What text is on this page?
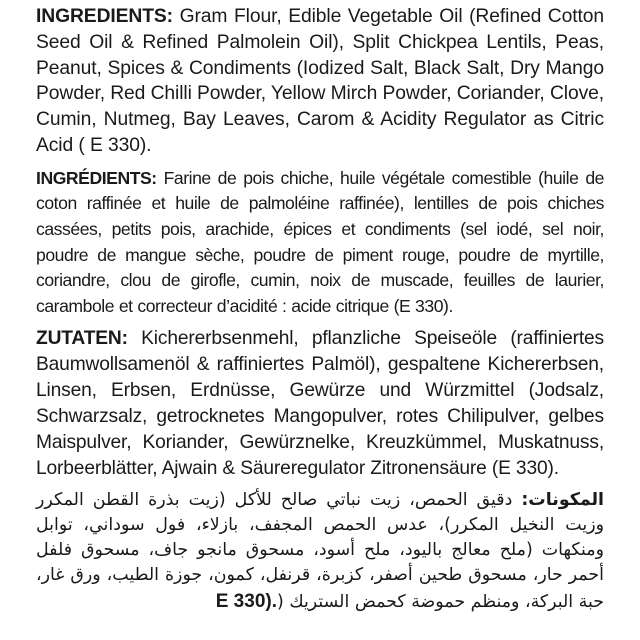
INGREDIENTS: Gram Flour, Edible Vegetable Oil (Refined Cotton Seed Oil & Refined Palmolein Oil), Split Chickpea Lentils, Peas, Peanut, Spices & Condiments (Iodized Salt, Black Salt, Dry Mango Powder, Red Chilli Powder, Yellow Mirch Powder, Coriander, Clove, Cumin, Nutmeg, Bay Leaves, Carom & Acidity Regulator as Citric Acid ( E 330).

INGRÉDIENTS: Farine de pois chiche, huile végétale comestible (huile de coton raffinée et huile de palmoléine raffinée), lentilles de pois chiches cassées, petits pois, arachide, épices et condiments (sel iodé, sel noir, poudre de mangue sèche, poudre de piment rouge, poudre de myrtille, coriandre, clou de girofle, cumin, noix de muscade, feuilles de laurier, carambole et correcteur d’acidité : acide citrique (E 330).

ZUTATEN: Kichererbsenmehl, pflanzliche Speiseöle (raffiniertes Baumwollsamenöl & raffiniertes Palmöl), gespaltene Kichererbsen, Linsen, Erbsen, Erdnüsse, Gewürze und Würzmittel (Jodsalz, Schwarzsalz, getrocknetes Mangopulver, rotes Chilipulver, gelbes Maispulver, Koriander, Gewürznelke, Kreuzkümmel, Muskatnuss, Lorbeerblätter, Ajwain & Säureregulator Zitronensäure (E 330).

المكونات: دقيق الحمص، زيت نباتي صالح للأكل (زيت بذرة القطن المكرر وزيت النخيل المكرر)، عدس الحمص المجفف، بازلاء، فول سوداني، توابل ومنكهات (ملح معالج باليود، ملح أسود، مسحوق مانجو جاف، مسحوق فلفل أحمر حار، مسحوق طحين أصفر، كزبرة، قرنفل، كمون، جوزة الطيب، ورق غار، حبة البركة، ومنظم حموضة كحمض الستريك (E 330).
